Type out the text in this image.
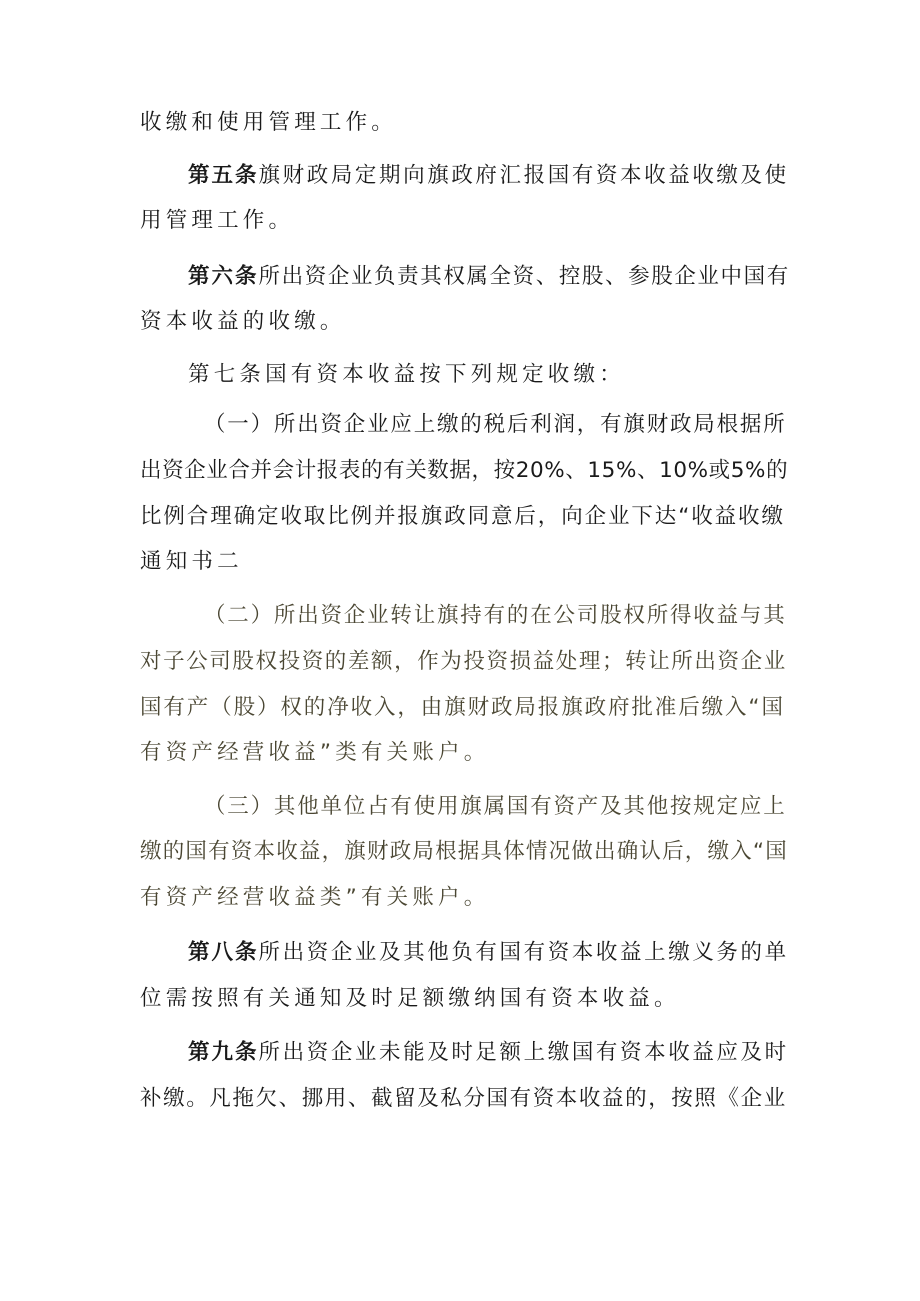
收缴和使用管理工作。
第五条旗财政局定期向旗政府汇报国有资本收益收缴及使
用管理工作。
第六条所出资企业负责其权属全资、控股、参股企业中国有
资本收益的收缴。
第七条国有资本收益按下列规定收缴：
（一）所出资企业应上缴的税后利润，有旗财政局根据所
出资企业合并会计报表的有关数据，按20%、15%、10%或5%的
比例合理确定收取比例并报旗政同意后，向企业下达“收益收缴
通知书二
（二）所出资企业转让旗持有的在公司股权所得收益与其
对子公司股权投资的差额，作为投资损益处理；转让所出资企业
国有产（股）权的净收入，由旗财政局报旗政府批准后缴入“国
有资产经营收益”类有关账户。
（三）其他单位占有使用旗属国有资产及其他按规定应上
缴的国有资本收益，旗财政局根据具体情况做出确认后，缴入“国
有资产经营收益类”有关账户。
第八条所出资企业及其他负有国有资本收益上缴义务的单
位需按照有关通知及时足额缴纳国有资本收益。
第九条所出资企业未能及时足额上缴国有资本收益应及时
补缴。凡拖欠、挪用、截留及私分国有资本收益的，按照《企业
